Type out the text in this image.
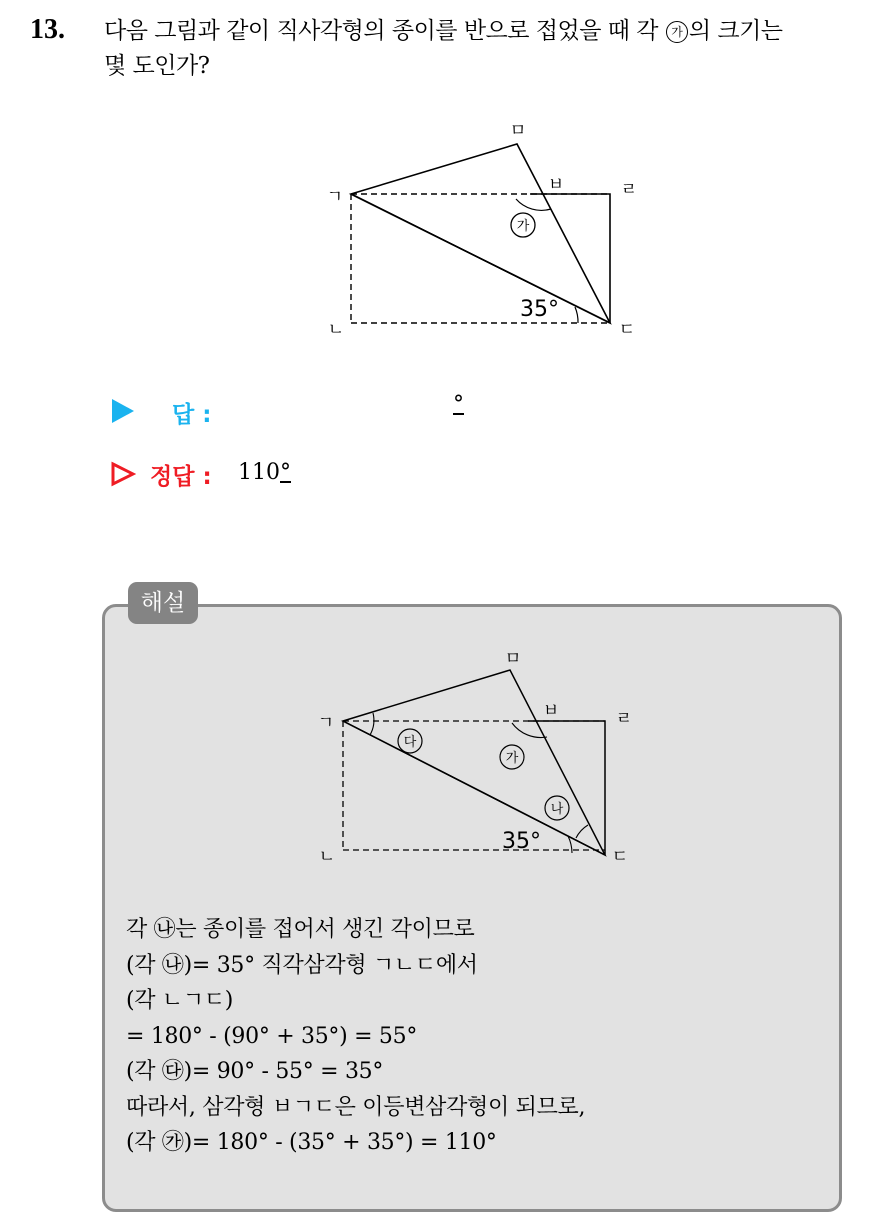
13. 다음 그림과 같이 직사각형의 종이를 반으로 접었을 때 각 가 의 크기는
몇 도인가?
가
35°
ㄱ
ㄴ	ㄷ
ㄹ
ㅁ
ㅂ
답 :	°
정답 : 110°
해설
가
나
다
35°
ㄱ
ㄴ	ㄷ
ㄹ
ㅁ
ㅂ
각 ㉯는 종이를 접어서 생긴 각이므로
(각 ㉯)= 35° 직각삼각형 ㄱㄴㄷ에서
(각 ㄴㄱㄷ)
= 180° - (90° + 35°) = 55°
(각 ㉰)= 90° - 55° = 35°
따라서, 삼각형 ㅂㄱㄷ은 이등변삼각형이 되므로,
(각 ㉮)= 180° - (35° + 35°) = 110°
